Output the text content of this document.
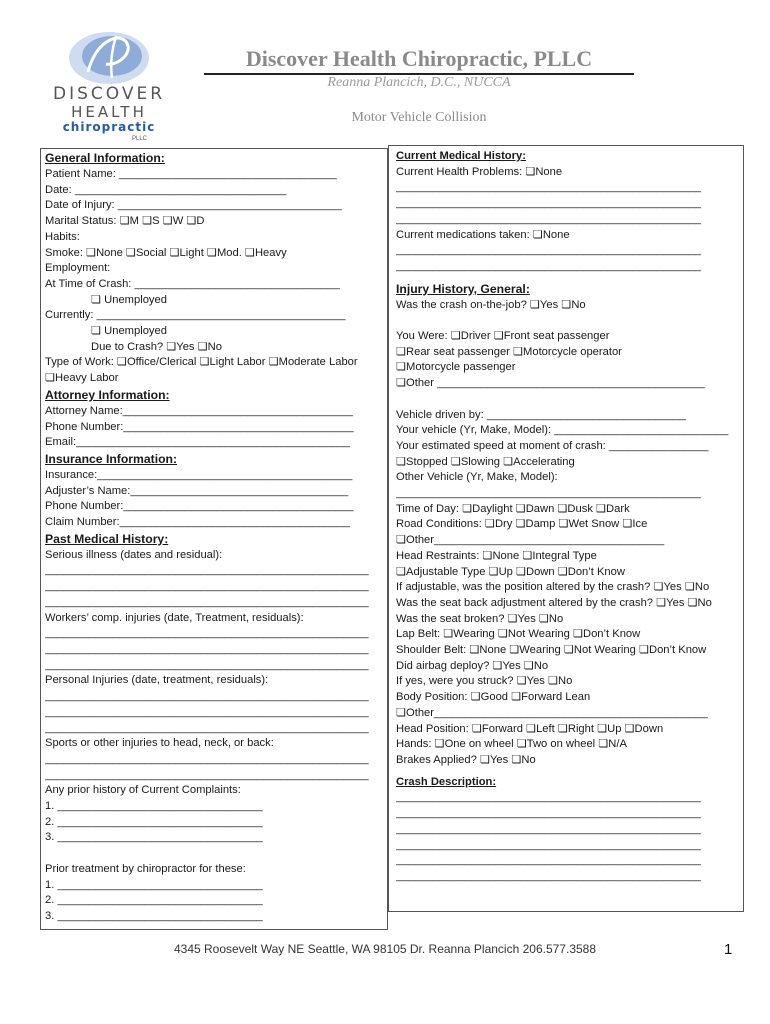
DISCOVER
HEALTH
chiropractic
PLLC
Discover Health Chiropractic, PLLC
Reanna Plancich, D.C., NUCCA
Motor Vehicle Collision
General Information:
Patient Name: ___________________________________
Date: __________________________________
Date of Injury: ____________________________________
Marital Status: ❏M ❏S ❏W ❏D
Habits:
Smoke: ❏None ❏Social ❏Light ❏Mod. ❏Heavy
Employment:
At Time of Crash: _________________________________
❏ Unemployed
Currently: ________________________________________
❏ Unemployed
Due to Crash? ❏Yes ❏No
Type of Work: ❏Office/Clerical ❏Light Labor ❏Moderate Labor
❏Heavy Labor
Attorney Information:
Attorney Name:_____________________________________
Phone Number:_____________________________________
Email:____________________________________________
Insurance Information:
Insurance:_________________________________________
Adjuster’s Name:___________________________________
Phone Number:_____________________________________
Claim Number:_____________________________________
Past Medical History:
Serious illness (dates and residual):
____________________________________________________
____________________________________________________
____________________________________________________
Workers’ comp. injuries (date, Treatment, residuals):
____________________________________________________
____________________________________________________
____________________________________________________
Personal Injuries (date, treatment, residuals):
____________________________________________________
____________________________________________________
____________________________________________________
Sports or other injuries to head, neck, or back:
____________________________________________________
____________________________________________________
Any prior history of Current Complaints:
1. _________________________________
2. _________________________________
3. _________________________________
Prior treatment by chiropractor for these:
1. _________________________________
2. _________________________________
3. _________________________________
Current Medical History:
Current Health Problems: ❏None
_________________________________________________
_________________________________________________
_________________________________________________
Current medications taken: ❏None
_________________________________________________
_________________________________________________
Injury History, General:
Was the crash on-the-job? ❏Yes ❏No
You Were: ❏Driver ❏Front seat passenger
❏Rear seat passenger ❏Motorcycle operator
❏Motorcycle passenger
❏Other ___________________________________________
Vehicle driven by: ________________________________
Your vehicle (Yr, Make, Model): ____________________________
Your estimated speed at moment of crash: ________________
❏Stopped ❏Slowing ❏Accelerating
Other Vehicle (Yr, Make, Model):
_________________________________________________
Time of Day: ❏Daylight ❏Dawn ❏Dusk ❏Dark
Road Conditions: ❏Dry ❏Damp ❏Wet Snow ❏Ice
❏Other_____________________________________
Head Restraints: ❏None ❏Integral Type
❏Adjustable Type ❏Up ❏Down ❏Don’t Know
If adjustable, was the position altered by the crash? ❏Yes ❏No
Was the seat back adjustment altered by the crash? ❏Yes ❏No
Was the seat broken? ❏Yes ❏No
Lap Belt: ❏Wearing ❏Not Wearing ❏Don’t Know
Shoulder Belt: ❏None ❏Wearing ❏Not Wearing ❏Don’t Know
Did airbag deploy? ❏Yes ❏No
If yes, were you struck? ❏Yes ❏No
Body Position: ❏Good ❏Forward Lean
❏Other____________________________________________
Head Position: ❏Forward ❏Left ❏Right ❏Up ❏Down
Hands: ❏One on wheel ❏Two on wheel ❏N/A
Brakes Applied? ❏Yes ❏No
Crash Description:
_________________________________________________
_________________________________________________
_________________________________________________
_________________________________________________
_________________________________________________
_________________________________________________
4345 Roosevelt Way NE Seattle, WA 98105 Dr. Reanna Plancich 206.577.3588	1
